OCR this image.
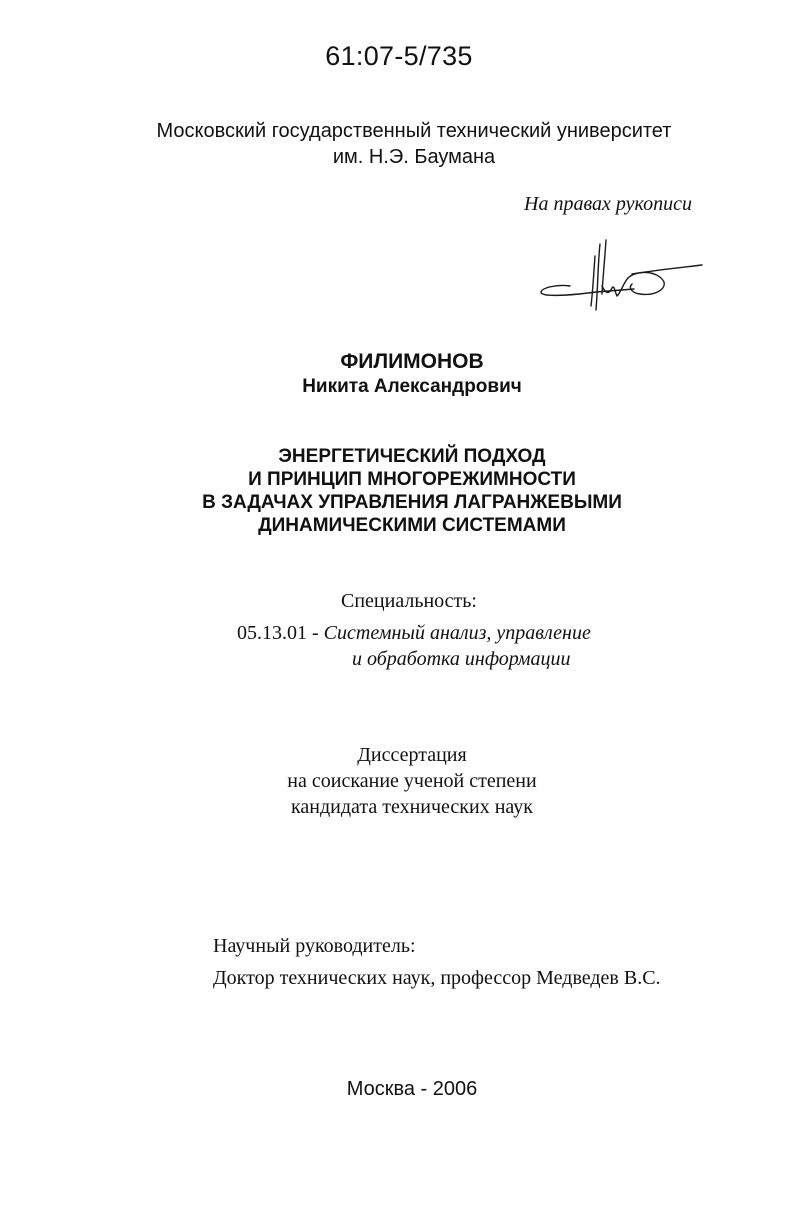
61:07-5/735
Московский государственный технический университет
им. Н.Э. Баумана
На правах рукописи
ФИЛИМОНОВ
Никита Александрович
ЭНЕРГЕТИЧЕСКИЙ ПОДХОД
И ПРИНЦИП МНОГОРЕЖИМНОСТИ
В ЗАДАЧАХ УПРАВЛЕНИЯ ЛАГРАНЖЕВЫМИ
ДИНАМИЧЕСКИМИ СИСТЕМАМИ
Специальность:
05.13.01 - Системный анализ, управление
и обработка информации
Диссертация
на соискание ученой степени
кандидата технических наук
Научный руководитель:
Доктор технических наук, профессор Медведев В.С.
Москва - 2006
